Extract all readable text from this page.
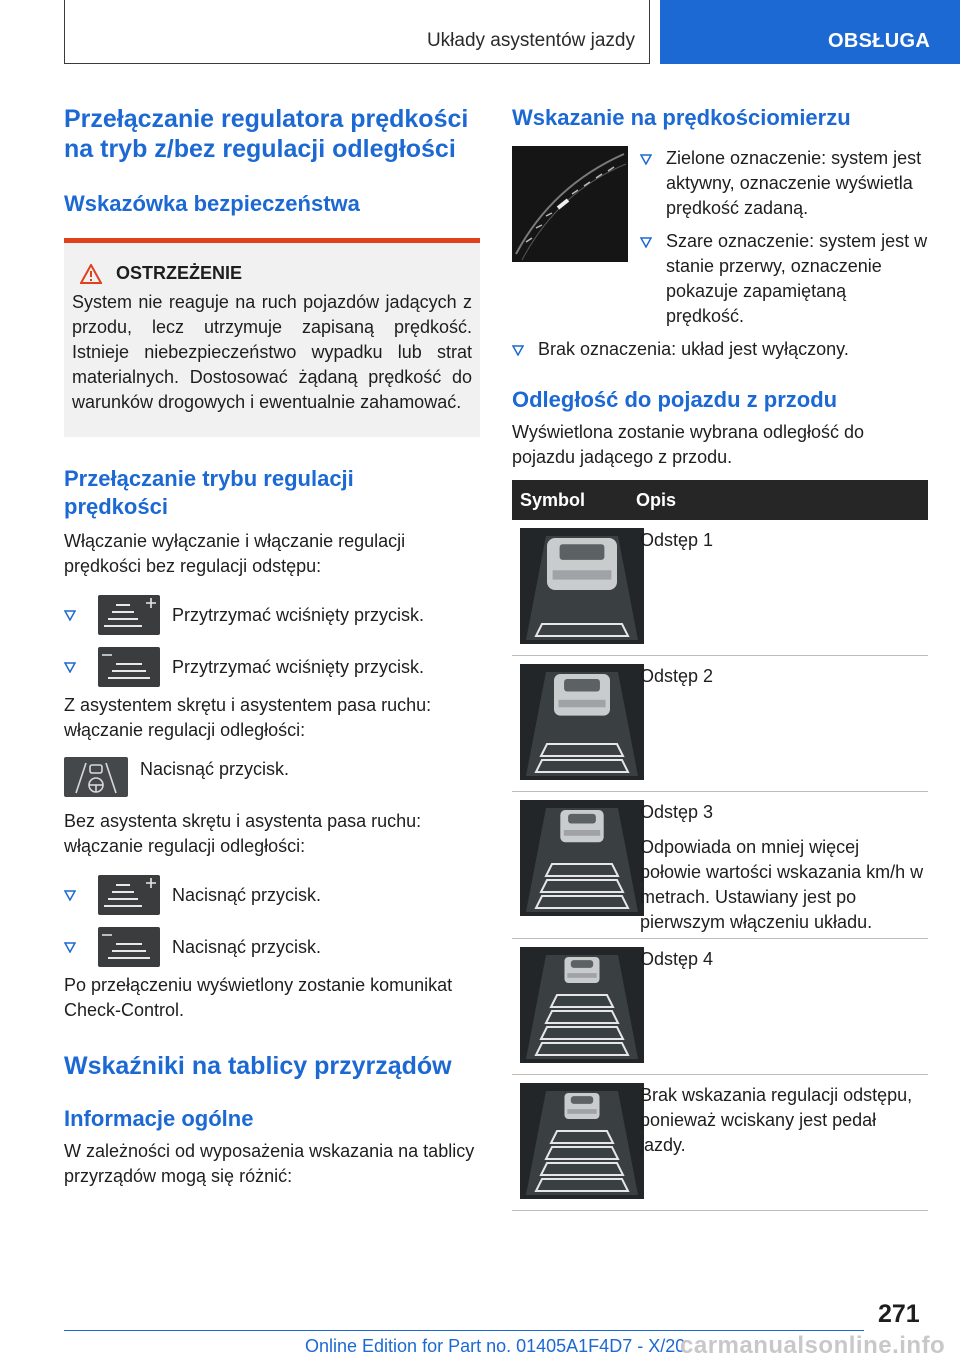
Układy asystentów jazdy	OBSŁUGA
Przełączanie regulatora prędkości na tryb z/bez regulacji odległości
Wskazówka bezpieczeństwa
OSTRZEŻENIE
System nie reaguje na ruch pojazdów jadących z przodu, lecz utrzymuje zapisaną prędkość. Istnieje niebezpieczeństwo wypadku lub strat materialnych. Dostosować żądaną prędkość do warunków drogowych i ewentualnie zahamować.
Przełączanie trybu regulacji prędkości
Włączanie wyłączanie i włączanie regulacji prędkości bez regulacji odstępu:
Przytrzymać wciśnięty przycisk.
Przytrzymać wciśnięty przycisk.
Z asystentem skrętu i asystentem pasa ruchu: włączanie regulacji odległości:
Nacisnąć przycisk.
Bez asystenta skrętu i asystenta pasa ruchu: włączanie regulacji odległości:
Nacisnąć przycisk.
Nacisnąć przycisk.
Po przełączeniu wyświetlony zostanie komunikat Check-Control.
Wskaźniki na tablicy przyrządów
Informacje ogólne
W zależności od wyposażenia wskazania na tablicy przyrządów mogą się różnić:
Wskazanie na prędkościomierzu
Zielone oznaczenie: system jest aktywny, oznaczenie wyświetla prędkość zadaną.
Szare oznaczenie: system jest w stanie przerwy, oznaczenie pokazuje zapamiętaną prędkość.
Brak oznaczenia: układ jest wyłączony.
Odległość do pojazdu z przodu
Wyświetlona zostanie wybrana odległość do pojazdu jadącego z przodu.
Symbol	Opis
Odstęp 1
Odstęp 2
Odstęp 3
Odpowiada on mniej więcej połowie wartości wskazania km/h w metrach. Ustawiany jest po pierwszym włączeniu układu.
Odstęp 4
Brak wskazania regulacji odstępu, ponieważ wciskany jest pedał jazdy.
271
Online Edition for Part no. 01405A1F4D7 - X/20
carmanualsonline.info
